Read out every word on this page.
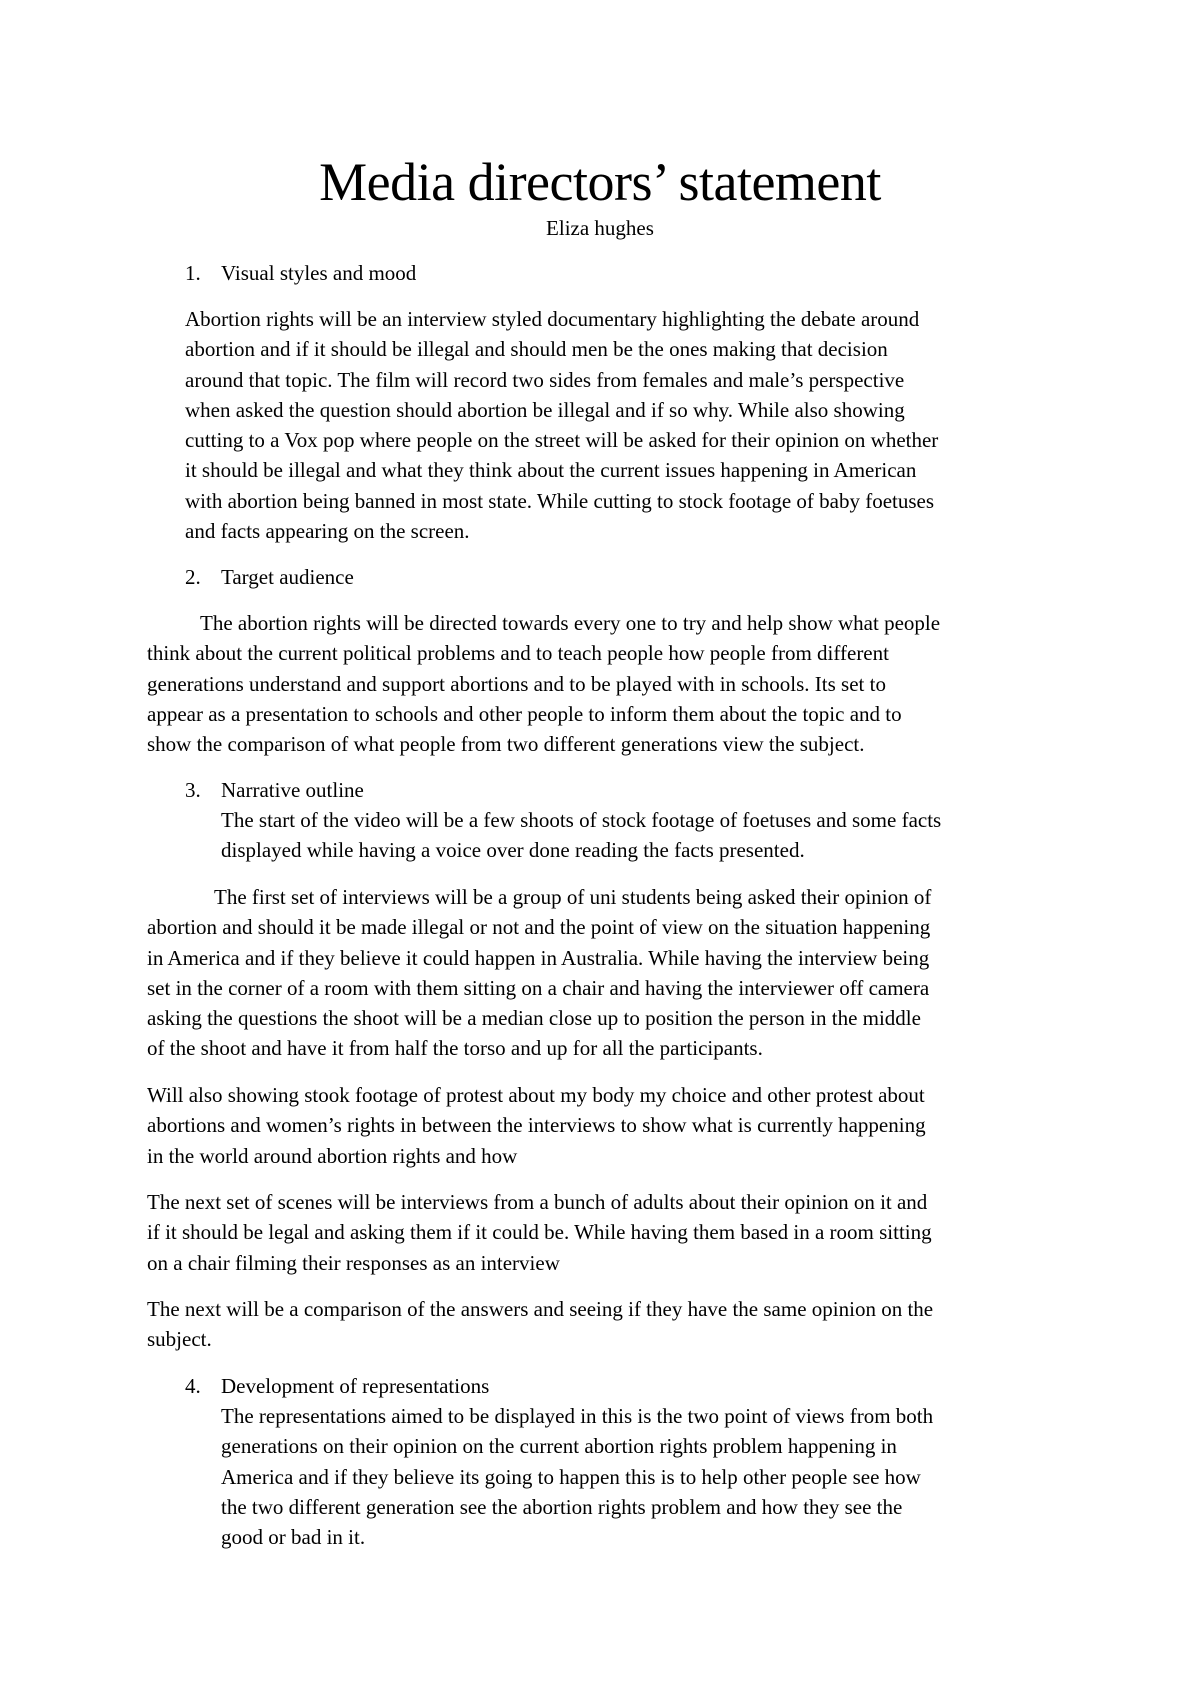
Media directors’ statement
Eliza hughes
1. Visual styles and mood
Abortion rights will be an interview styled documentary highlighting the debate around
abortion and if it should be illegal and should men be the ones making that decision
around that topic. The film will record two sides from females and male’s perspective
when asked the question should abortion be illegal and if so why. While also showing
cutting to a Vox pop where people on the street will be asked for their opinion on whether
it should be illegal and what they think about the current issues happening in American
with abortion being banned in most state. While cutting to stock footage of baby foetuses
and facts appearing on the screen.
2. Target audience
The abortion rights will be directed towards every one to try and help show what people
think about the current political problems and to teach people how people from different
generations understand and support abortions and to be played with in schools. Its set to
appear as a presentation to schools and other people to inform them about the topic and to
show the comparison of what people from two different generations view the subject.
3. Narrative outline
The start of the video will be a few shoots of stock footage of foetuses and some facts
displayed while having a voice over done reading the facts presented.
The first set of interviews will be a group of uni students being asked their opinion of
abortion and should it be made illegal or not and the point of view on the situation happening
in America and if they believe it could happen in Australia. While having the interview being
set in the corner of a room with them sitting on a chair and having the interviewer off camera
asking the questions the shoot will be a median close up to position the person in the middle
of the shoot and have it from half the torso and up for all the participants.
Will also showing stook footage of protest about my body my choice and other protest about
abortions and women’s rights in between the interviews to show what is currently happening
in the world around abortion rights and how
The next set of scenes will be interviews from a bunch of adults about their opinion on it and
if it should be legal and asking them if it could be. While having them based in a room sitting
on a chair filming their responses as an interview
The next will be a comparison of the answers and seeing if they have the same opinion on the
subject.
4. Development of representations
The representations aimed to be displayed in this is the two point of views from both
generations on their opinion on the current abortion rights problem happening in
America and if they believe its going to happen this is to help other people see how
the two different generation see the abortion rights problem and how they see the
good or bad in it.
